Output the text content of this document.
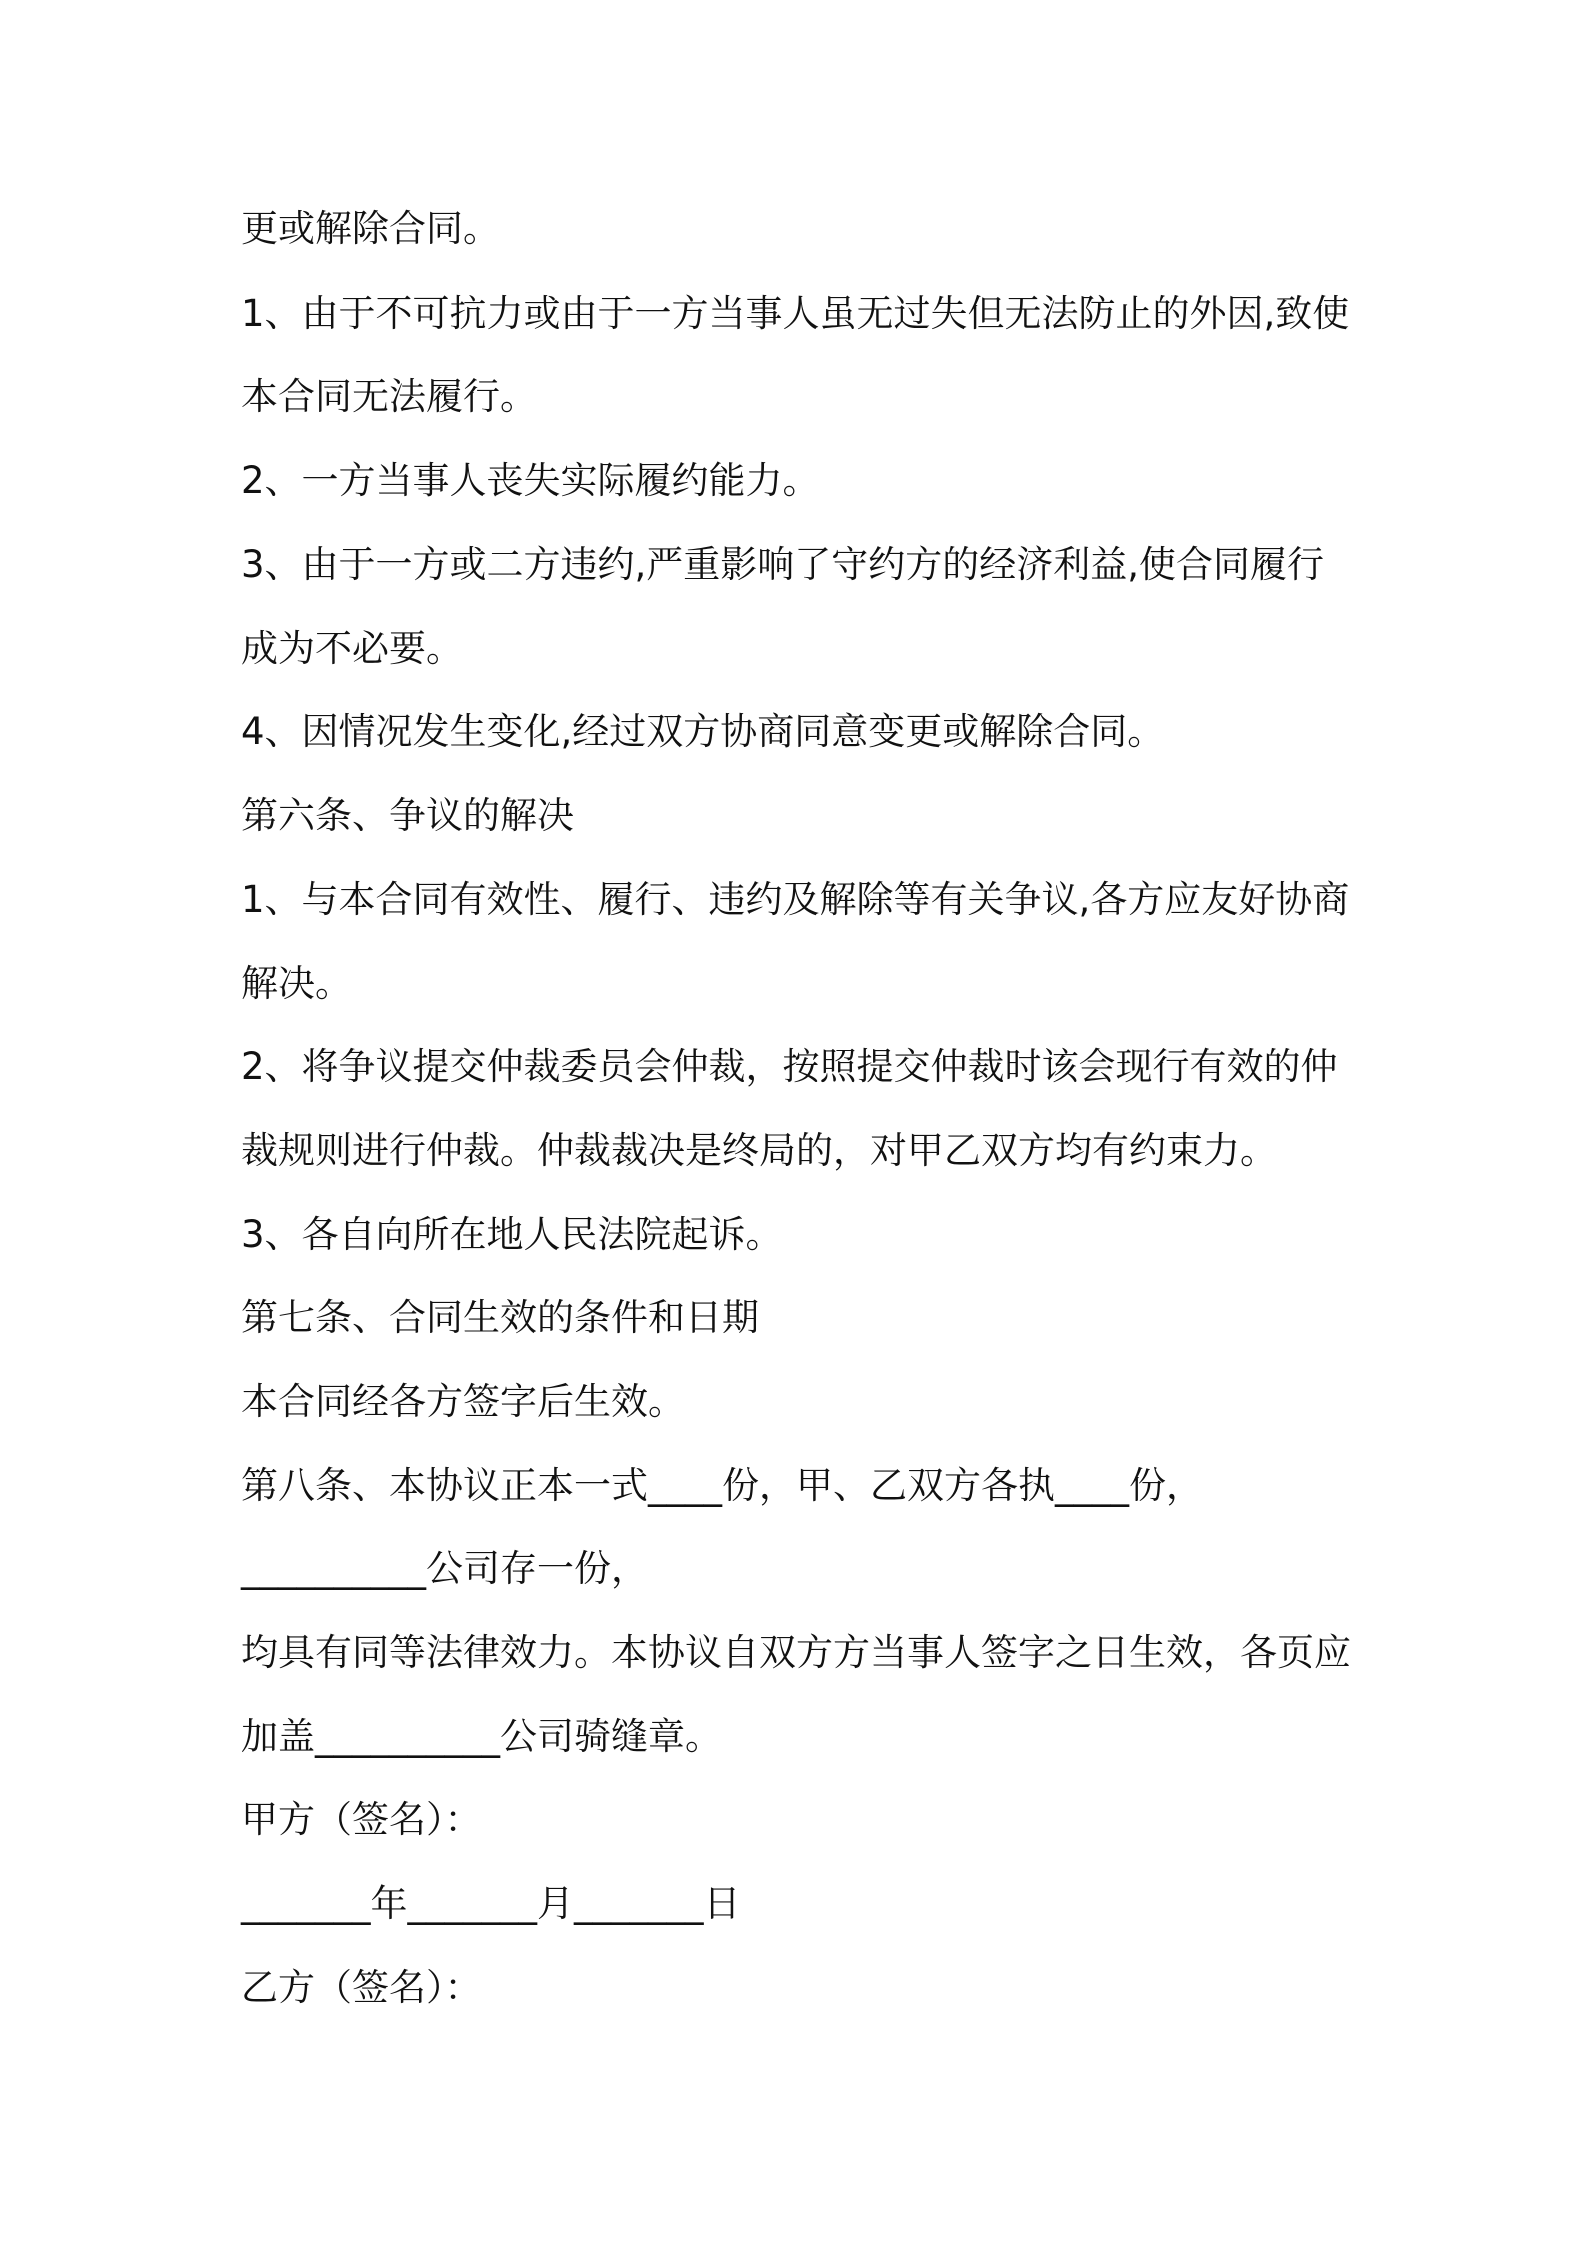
更或解除合同。

1、由于不可抗力或由于一方当事人虽无过失但无法防止的外因,致使

本合同无法履行。

2、一方当事人丧失实际履约能力。

3、由于一方或二方违约,严重影响了守约方的经济利益,使合同履行

成为不必要。

4、因情况发生变化,经过双方协商同意变更或解除合同。

第六条、争议的解决

1、与本合同有效性、履行、违约及解除等有关争议,各方应友好协商

解决。

2、将争议提交仲裁委员会仲裁，按照提交仲裁时该会现行有效的仲

裁规则进行仲裁。仲裁裁决是终局的，对甲乙双方均有约束力。

3、各自向所在地人民法院起诉。

第七条、合同生效的条件和日期

本合同经各方签字后生效。

第八条、本协议正本一式____份，甲、乙双方各执____份，

__________公司存一份，

均具有同等法律效力。本协议自双方方当事人签字之日生效，各页应

加盖__________公司骑缝章。

甲方（签名）：

_______年_______月_______日

乙方（签名）：
